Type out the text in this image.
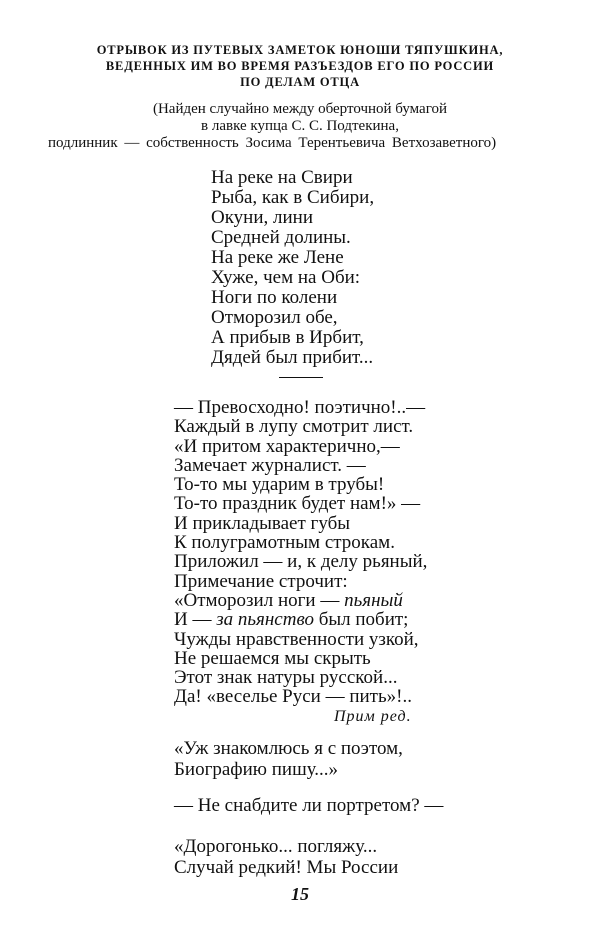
ОТРЫВОК ИЗ ПУТЕВЫХ ЗАМЕТОК ЮНОШИ ТЯПУШКИНА,
ВЕДЕННЫХ ИМ ВО ВРЕМЯ РАЗЪЕЗДОВ ЕГО ПО РОССИИ
ПО ДЕЛАМ ОТЦА
(Найден случайно между оберточной бумагой
в лавке купца С. С. Подтекина,
подлинник — собственность Зосима Терентьевича Ветхозаветного)
На реке на Свири
Рыба, как в Сибири,
Окуни, лини
Средней долины.
На реке же Лене
Хуже, чем на Оби:
Ноги по колени
Отморозил обе,
А прибыв в Ирбит,
Дядей был прибит...
— Превосходно! поэтично!..—
Каждый в лупу смотрит лист.
«И притом характерично,—
Замечает журналист. —
То-то мы ударим в трубы!
То-то праздник будет нам!» —
И прикладывает губы
К полуграмотным строкам.
Приложил — и, к делу рьяный,
Примечание строчит:
«Отморозил ноги — пьяный
И — за пьянство был побит;
Чужды нравственности узкой,
Не решаемся мы скрыть
Этот знак натуры русской...
Да! «веселье Руси — пить»!..
Прим ред.
«Уж знакомлюсь я с поэтом,
Биографию пишу...»
— Не снабдите ли портретом? —
«Дорогонько... погляжу...
Случай редкий! Мы России
15
